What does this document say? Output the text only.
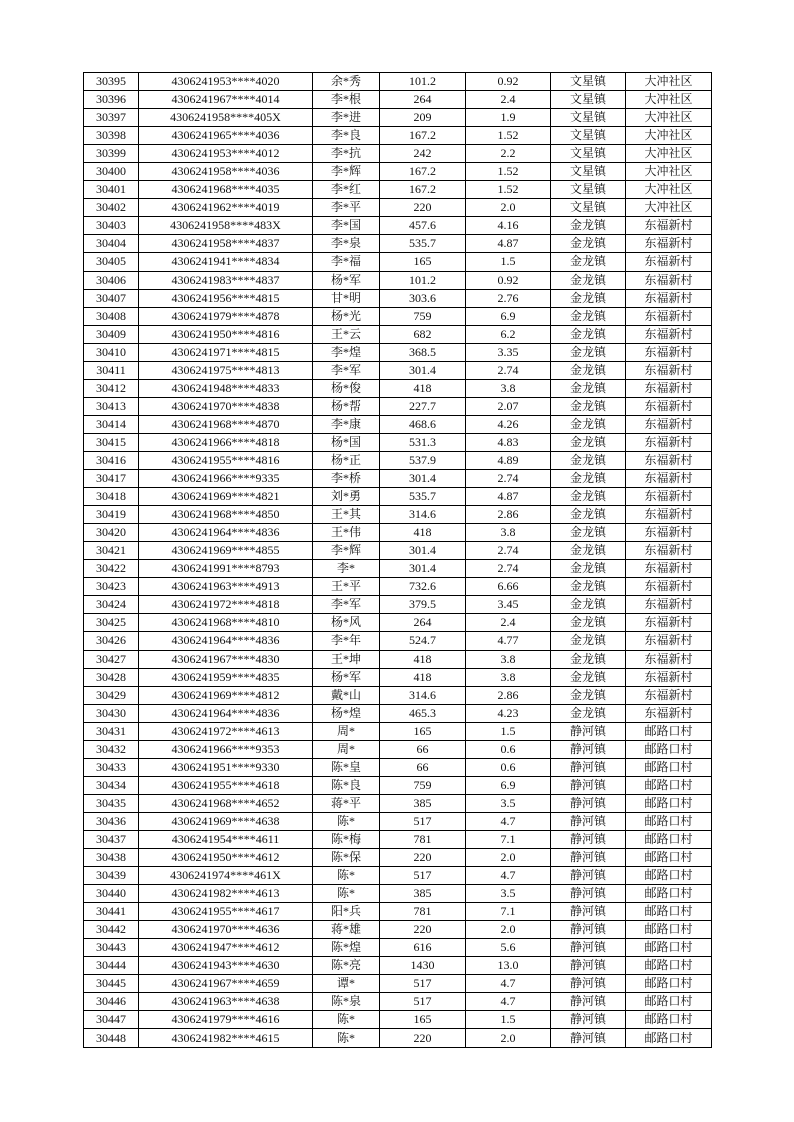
30395	4306241953****4020	余*秀	101.2	0.92	文星镇	大冲社区
30396	4306241967****4014	李*根	264	2.4	文星镇	大冲社区
30397	4306241958****405X	李*进	209	1.9	文星镇	大冲社区
30398	4306241965****4036	李*良	167.2	1.52	文星镇	大冲社区
30399	4306241953****4012	李*抗	242	2.2	文星镇	大冲社区
30400	4306241958****4036	李*辉	167.2	1.52	文星镇	大冲社区
30401	4306241968****4035	李*红	167.2	1.52	文星镇	大冲社区
30402	4306241962****4019	李*平	220	2.0	文星镇	大冲社区
30403	4306241958****483X	李*国	457.6	4.16	金龙镇	东福新村
30404	4306241958****4837	李*泉	535.7	4.87	金龙镇	东福新村
30405	4306241941****4834	李*福	165	1.5	金龙镇	东福新村
30406	4306241983****4837	杨*军	101.2	0.92	金龙镇	东福新村
30407	4306241956****4815	甘*明	303.6	2.76	金龙镇	东福新村
30408	4306241979****4878	杨*光	759	6.9	金龙镇	东福新村
30409	4306241950****4816	王*云	682	6.2	金龙镇	东福新村
30410	4306241971****4815	李*煌	368.5	3.35	金龙镇	东福新村
30411	4306241975****4813	李*军	301.4	2.74	金龙镇	东福新村
30412	4306241948****4833	杨*俊	418	3.8	金龙镇	东福新村
30413	4306241970****4838	杨*帮	227.7	2.07	金龙镇	东福新村
30414	4306241968****4870	李*康	468.6	4.26	金龙镇	东福新村
30415	4306241966****4818	杨*国	531.3	4.83	金龙镇	东福新村
30416	4306241955****4816	杨*正	537.9	4.89	金龙镇	东福新村
30417	4306241966****9335	李*桥	301.4	2.74	金龙镇	东福新村
30418	4306241969****4821	刘*勇	535.7	4.87	金龙镇	东福新村
30419	4306241968****4850	王*其	314.6	2.86	金龙镇	东福新村
30420	4306241964****4836	王*伟	418	3.8	金龙镇	东福新村
30421	4306241969****4855	李*辉	301.4	2.74	金龙镇	东福新村
30422	4306241991****8793	李*	301.4	2.74	金龙镇	东福新村
30423	4306241963****4913	王*平	732.6	6.66	金龙镇	东福新村
30424	4306241972****4818	李*军	379.5	3.45	金龙镇	东福新村
30425	4306241968****4810	杨*风	264	2.4	金龙镇	东福新村
30426	4306241964****4836	李*年	524.7	4.77	金龙镇	东福新村
30427	4306241967****4830	王*坤	418	3.8	金龙镇	东福新村
30428	4306241959****4835	杨*军	418	3.8	金龙镇	东福新村
30429	4306241969****4812	戴*山	314.6	2.86	金龙镇	东福新村
30430	4306241964****4836	杨*煌	465.3	4.23	金龙镇	东福新村
30431	4306241972****4613	周*	165	1.5	静河镇	邮路口村
30432	4306241966****9353	周*	66	0.6	静河镇	邮路口村
30433	4306241951****9330	陈*皇	66	0.6	静河镇	邮路口村
30434	4306241955****4618	陈*良	759	6.9	静河镇	邮路口村
30435	4306241968****4652	蒋*平	385	3.5	静河镇	邮路口村
30436	4306241969****4638	陈*	517	4.7	静河镇	邮路口村
30437	4306241954****4611	陈*梅	781	7.1	静河镇	邮路口村
30438	4306241950****4612	陈*保	220	2.0	静河镇	邮路口村
30439	4306241974****461X	陈*	517	4.7	静河镇	邮路口村
30440	4306241982****4613	陈*	385	3.5	静河镇	邮路口村
30441	4306241955****4617	阳*兵	781	7.1	静河镇	邮路口村
30442	4306241970****4636	蒋*雄	220	2.0	静河镇	邮路口村
30443	4306241947****4612	陈*煌	616	5.6	静河镇	邮路口村
30444	4306241943****4630	陈*亮	1430	13.0	静河镇	邮路口村
30445	4306241967****4659	谭*	517	4.7	静河镇	邮路口村
30446	4306241963****4638	陈*泉	517	4.7	静河镇	邮路口村
30447	4306241979****4616	陈*	165	1.5	静河镇	邮路口村
30448	4306241982****4615	陈*	220	2.0	静河镇	邮路口村
